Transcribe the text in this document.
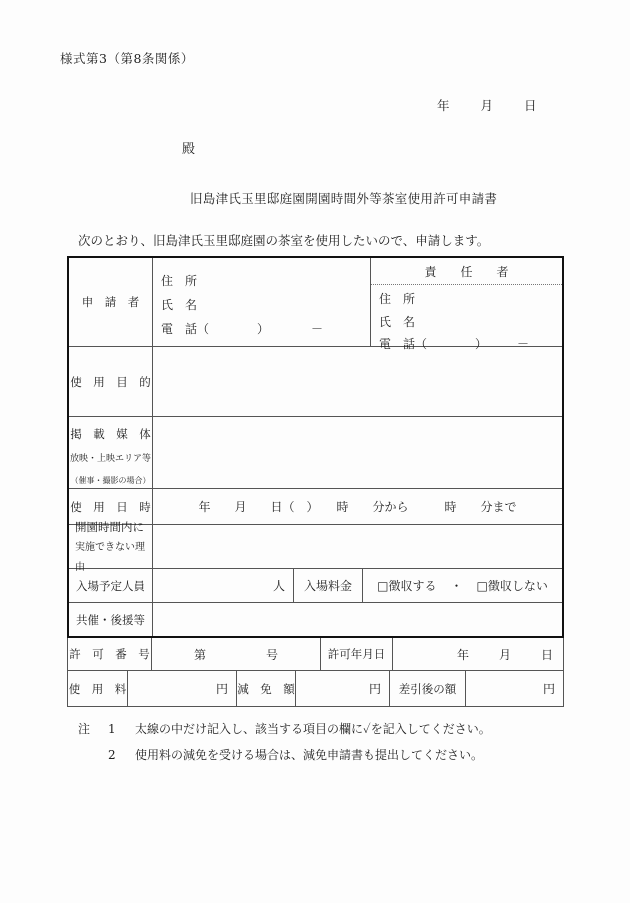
様式第3（第8条関係）
年　　月　　日
殿
旧島津氏玉里邸庭園開園時間外等茶室使用許可申請書
次のとおり、旧島津氏玉里邸庭園の茶室を使用したいので、申請します。
申　請　者
住　所
氏　名
電　話（　　　　）　　　　－
責　　任　　者
住　所
氏　名
電　話（　　　　）　　　－
使　用　目　的
掲　載　媒　体
放映・上映エリア等
（催事・撮影の場合）
使　用　日　時	年　　月　　日（　）　　時　　分から　　　時　　分まで
開園時間内に
実施できない理由
入場予定人員	人	入場料金	□徴収する ・ □徴収しない
共催・後援等
許　可　番　号	第　　　　　号	許可年月日	年　　月　　日
使　用　料	円 減　免　額	円	差引後の額	円
注	1	太線の中だけ記入し、該当する項目の欄に✓を記入してください。
2	使用料の減免を受ける場合は、減免申請書も提出してください。
